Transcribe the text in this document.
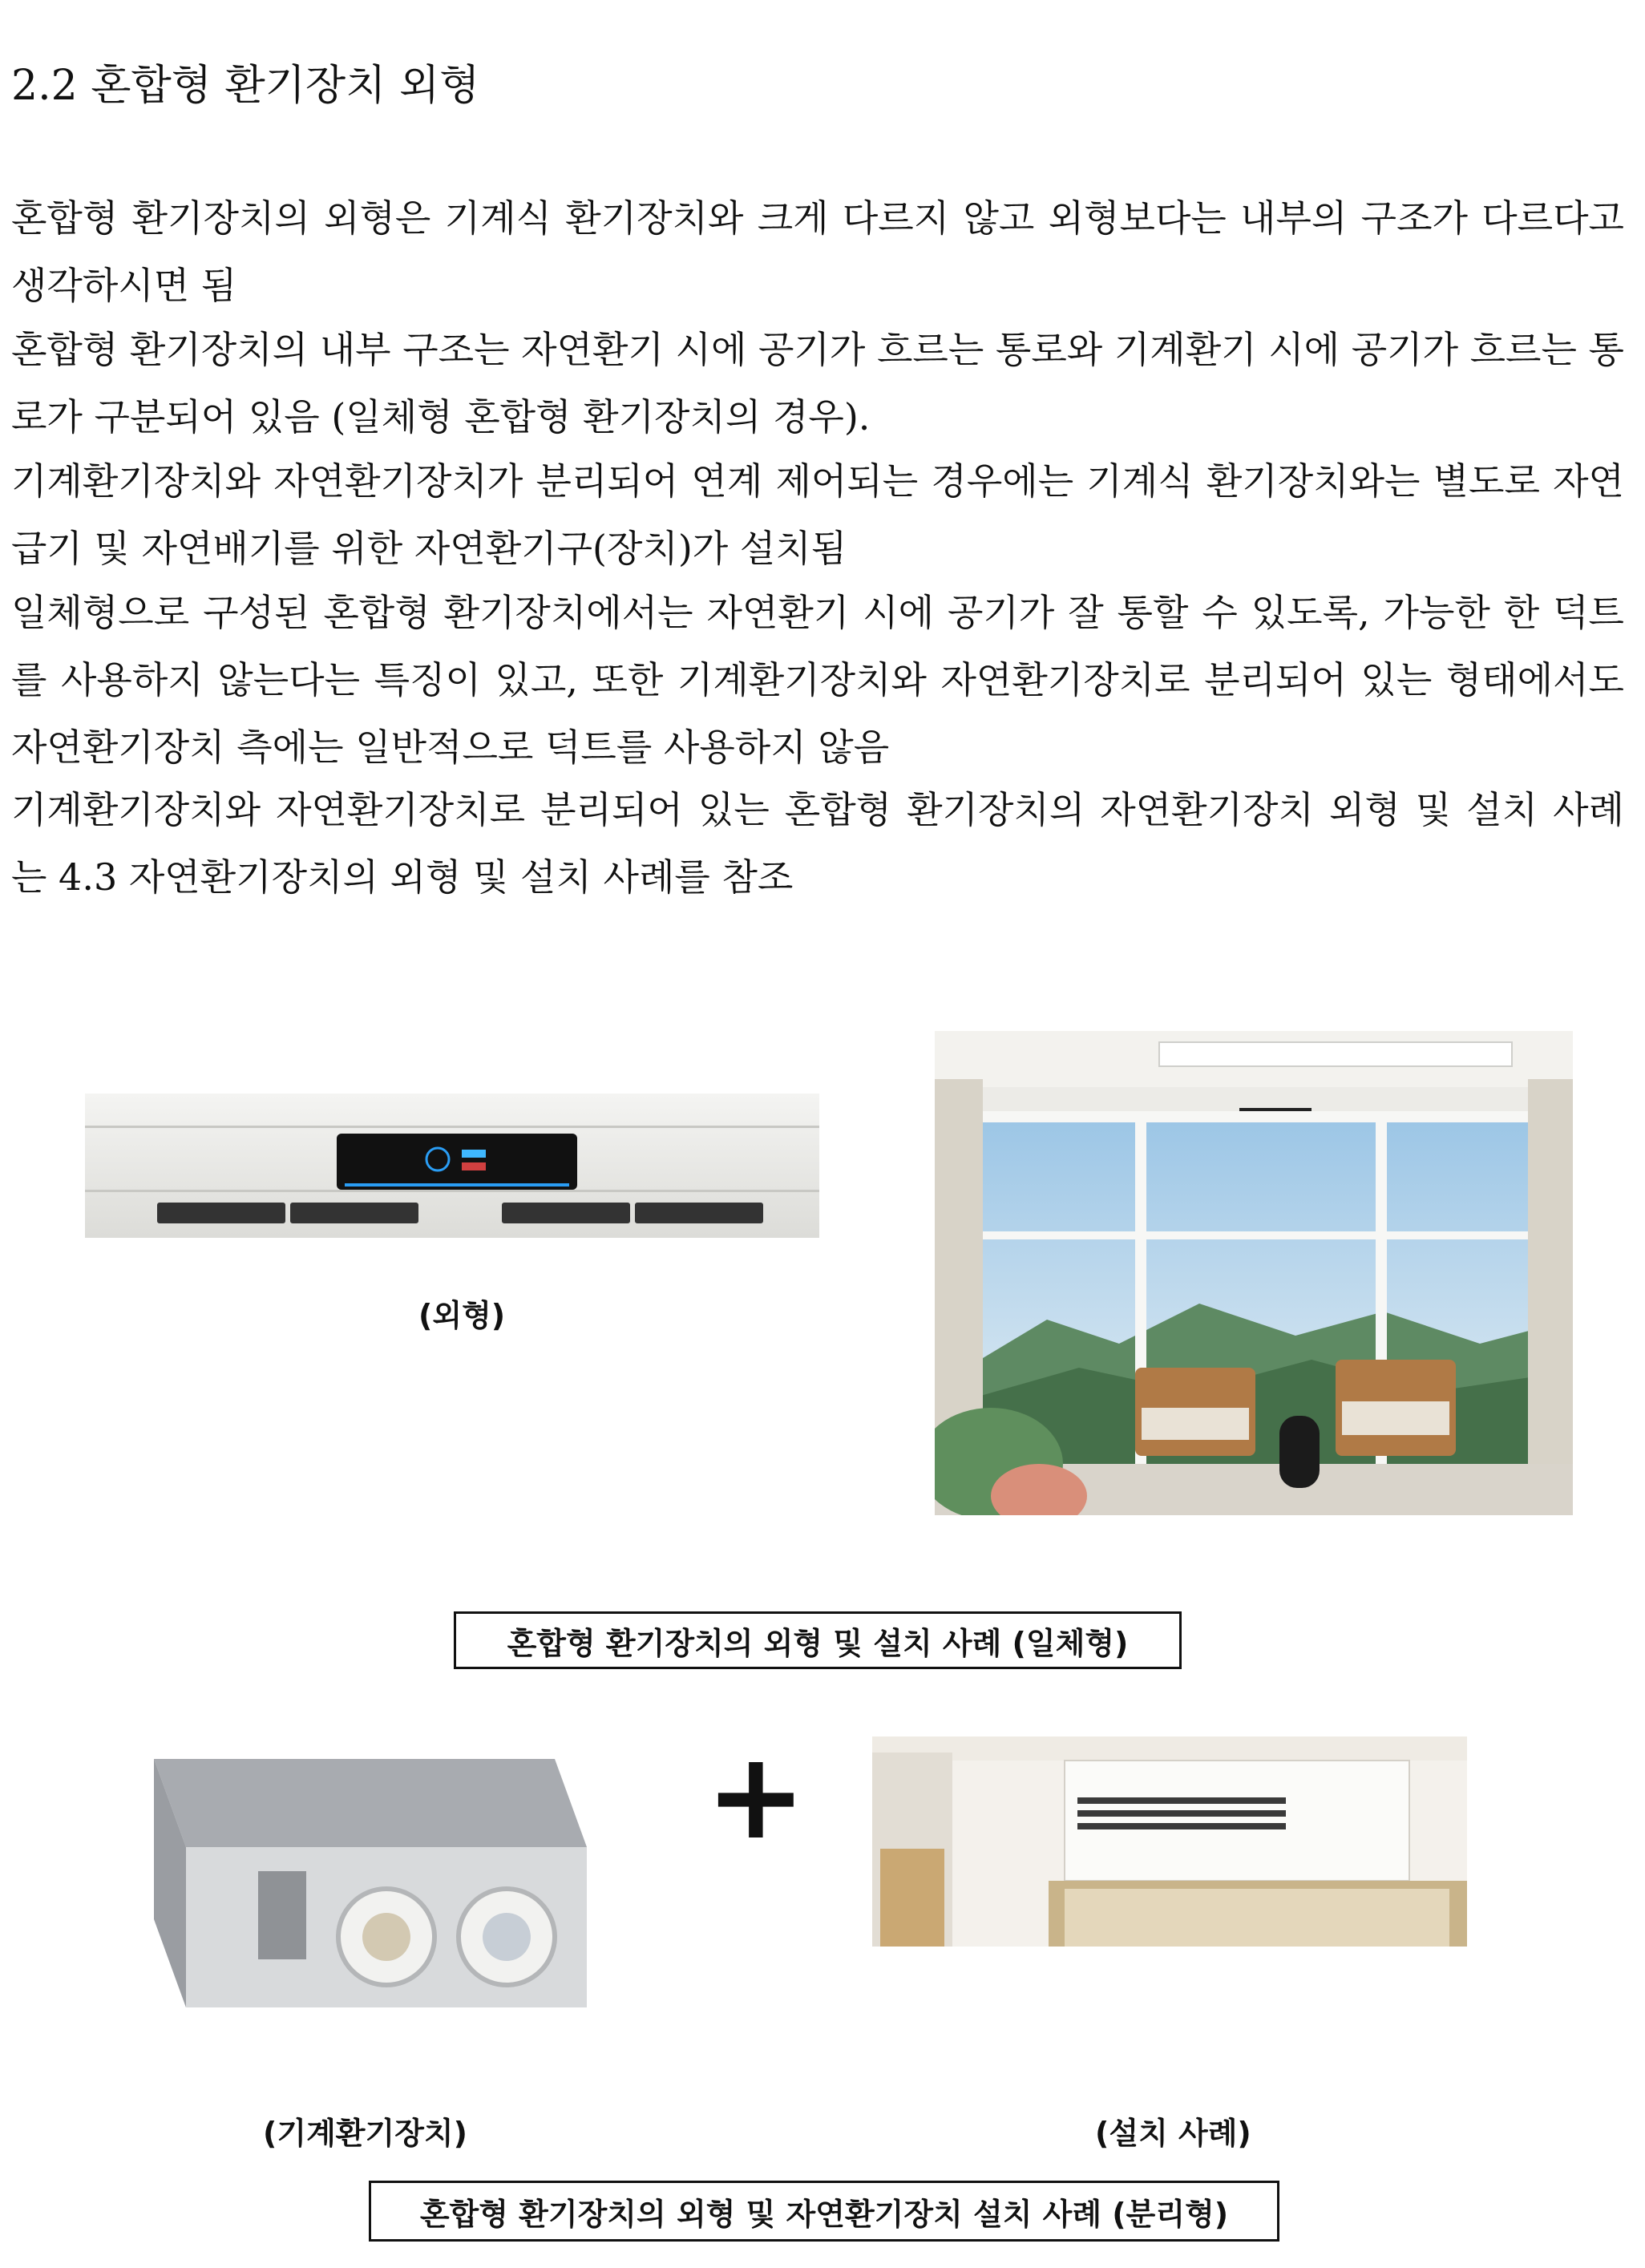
2.2 혼합형 환기장치 외형

혼합형 환기장치의 외형은 기계식 환기장치와 크게 다르지 않고 외형보다는 내부의 구조가 다르다고 생각하시면 됨

혼합형 환기장치의 내부 구조는 자연환기 시에 공기가 흐르는 통로와 기계환기 시에 공기가 흐르는 통로가 구분되어 있음 (일체형 혼합형 환기장치의 경우).

기계환기장치와 자연환기장치가 분리되어 연계 제어되는 경우에는 기계식 환기장치와는 별도로 자연급기 및 자연배기를 위한 자연환기구(장치)가 설치됨

일체형으로 구성된 혼합형 환기장치에서는 자연환기 시에 공기가 잘 통할 수 있도록, 가능한 한 덕트를 사용하지 않는다는 특징이 있고, 또한 기계환기장치와 자연환기장치로 분리되어 있는 형태에서도 자연환기장치 측에는 일반적으로 덕트를 사용하지 않음

기계환기장치와 자연환기장치로 분리되어 있는 혼합형 환기장치의 자연환기장치 외형 및 설치 사례는 4.3 자연환기장치의 외형 및 설치 사례를 참조

(외형)

혼합형 환기장치의 외형 및 설치 사례 (일체형)
+

(기계환기장치)	(설치 사례)

혼합형 환기장치의 외형 및 자연환기장치 설치 사례 (분리형)
